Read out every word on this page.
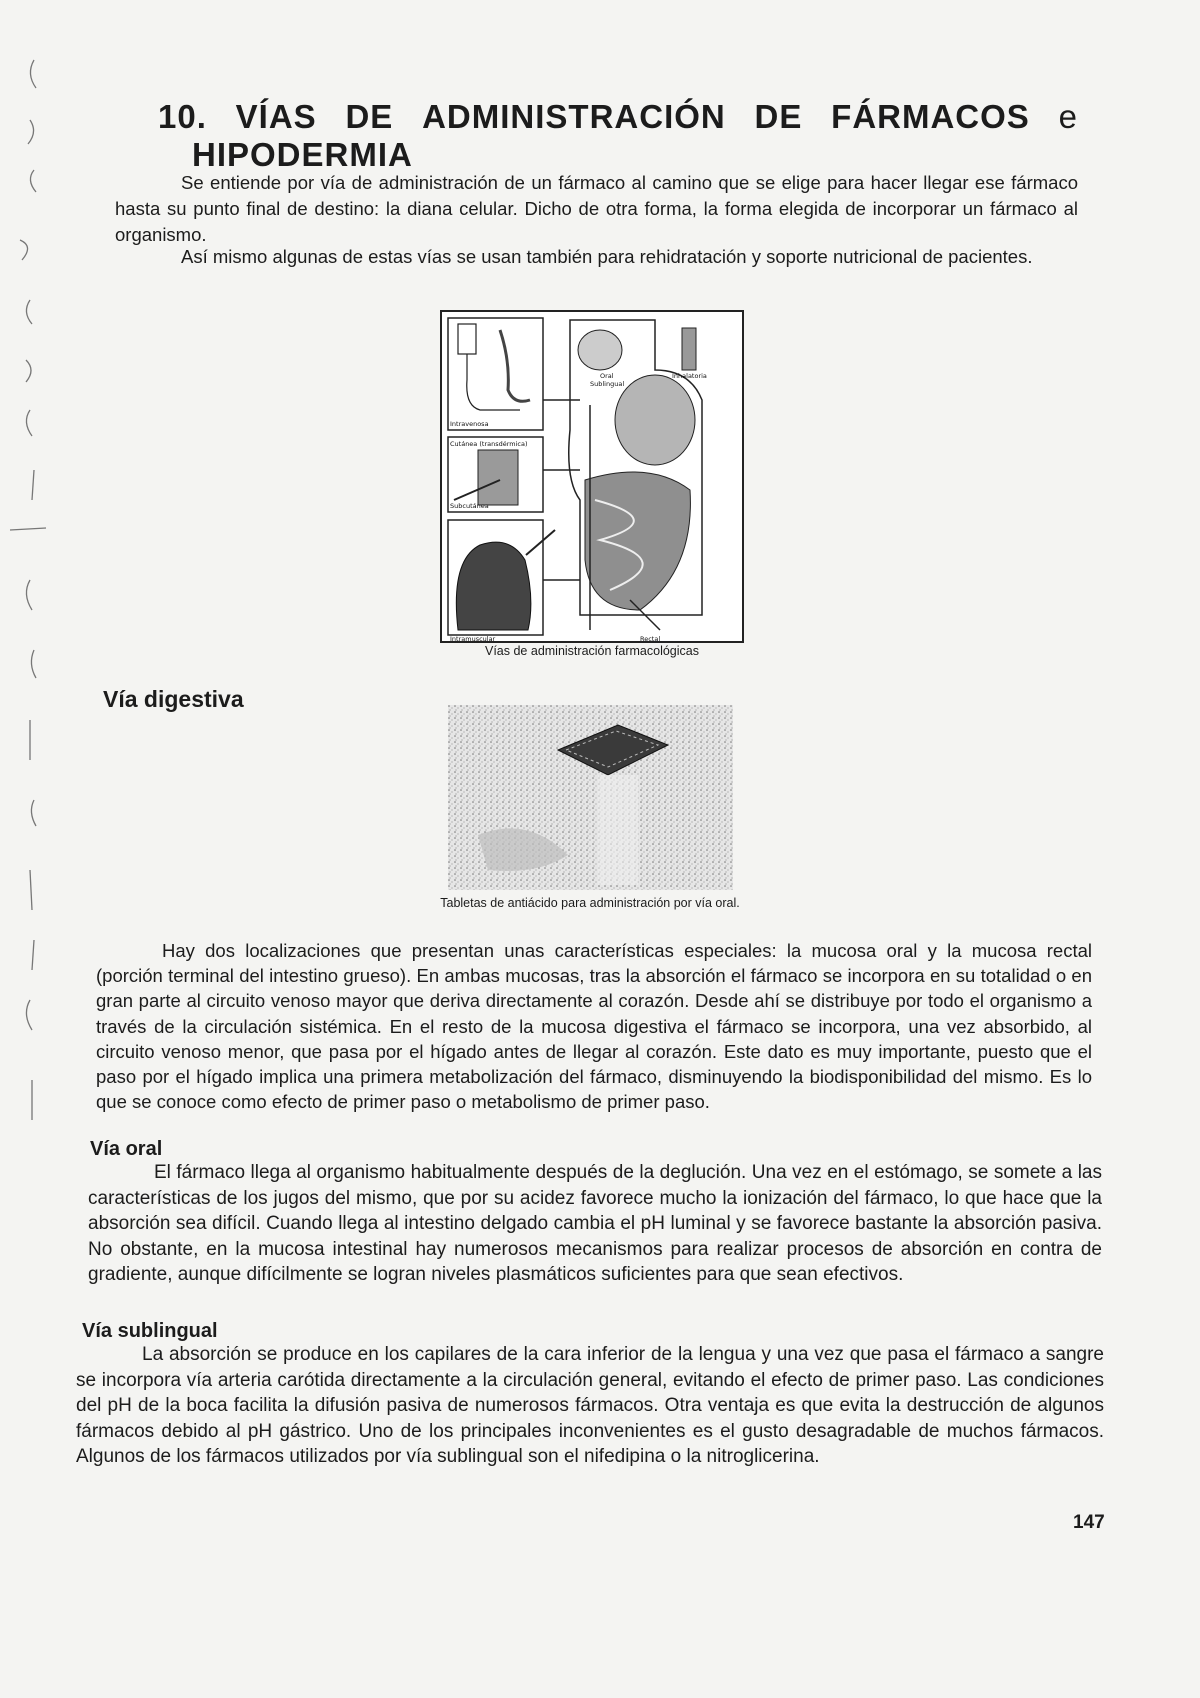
10. VÍAS DE ADMINISTRACIÓN DE FÁRMACOS e
HIPODERMIA

Se entiende por vía de administración de un fármaco al camino que se elige para hacer llegar ese fármaco hasta su punto final de destino: la diana celular. Dicho de otra forma, la forma elegida de incorporar un fármaco al organismo.

Así mismo algunas de estas vías se usan también para rehidratación y soporte nutricional de pacientes.

Oral
Sublingual
Inhalatoria
Intravenosa
Cutánea (transdérmica)
Subcutánea
Intramuscular	Rectal
Vías de administración farmacológicas
Vía digestiva
Tabletas de antiácido para administración por vía oral.

Hay dos localizaciones que presentan unas características especiales: la mucosa oral y la mucosa rectal (porción terminal del intestino grueso). En ambas mucosas, tras la absorción el fármaco se incorpora en su totalidad o en gran parte al circuito venoso mayor que deriva directamente al corazón. Desde ahí se distribuye por todo el organismo a través de la circulación sistémica. En el resto de la mucosa digestiva el fármaco se incorpora, una vez absorbido, al circuito venoso menor, que pasa por el hígado antes de llegar al corazón. Este dato es muy importante, puesto que el paso por el hígado implica una primera metabolización del fármaco, disminuyendo la biodisponibilidad del mismo. Es lo que se conoce como efecto de primer paso o metabolismo de primer paso.

Vía oral

El fármaco llega al organismo habitualmente después de la deglución. Una vez en el estómago, se somete a las características de los jugos del mismo, que por su acidez favorece mucho la ionización del fármaco, lo que hace que la absorción sea difícil. Cuando llega al intestino delgado cambia el pH luminal y se favorece bastante la absorción pasiva. No obstante, en la mucosa intestinal hay numerosos mecanismos para realizar procesos de absorción en contra de gradiente, aunque difícilmente se logran niveles plasmáticos suficientes para que sean efectivos.

Vía sublingual

La absorción se produce en los capilares de la cara inferior de la lengua y una vez que pasa el fármaco a sangre se incorpora vía arteria carótida directamente a la circulación general, evitando el efecto de primer paso. Las condiciones del pH de la boca facilita la difusión pasiva de numerosos fármacos. Otra ventaja es que evita la destrucción de algunos fármacos debido al pH gástrico. Uno de los principales inconvenientes es el gusto desagradable de muchos fármacos. Algunos de los fármacos utilizados por vía sublingual son el nifedipina o la nitroglicerina.

147
